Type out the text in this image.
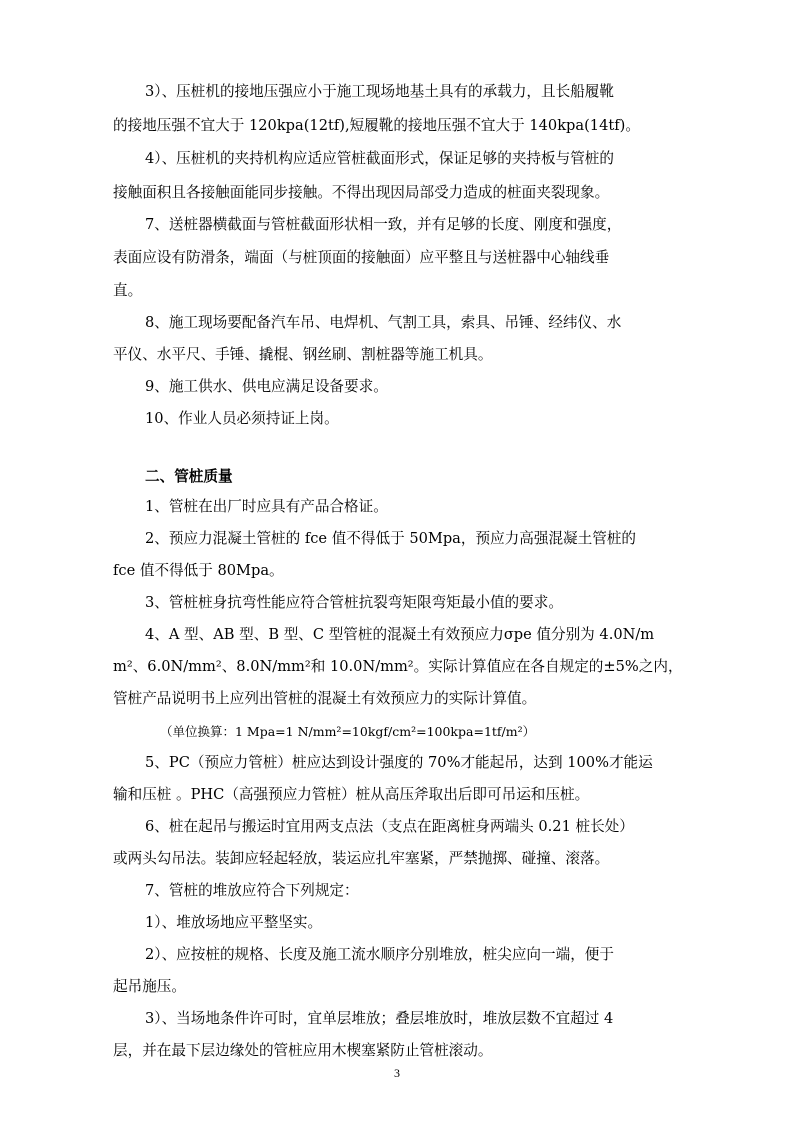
3）、压桩机的接地压强应小于施工现场地基土具有的承载力，且长船履靴
的接地压强不宜大于 120kpa(12tf),短履靴的接地压强不宜大于 140kpa(14tf)。
4）、压桩机的夹持机构应适应管桩截面形式，保证足够的夹持板与管桩的
接触面积且各接触面能同步接触。不得出现因局部受力造成的桩面夹裂现象。
7、送桩器横截面与管桩截面形状相一致，并有足够的长度、刚度和强度，
表面应设有防滑条，端面（与桩顶面的接触面）应平整且与送桩器中心轴线垂
直。
8、施工现场要配备汽车吊、电焊机、气割工具，索具、吊锤、经纬仪、水
平仪、水平尺、手锤、撬棍、钢丝刷、割桩器等施工机具。
9、施工供水、供电应满足设备要求。
10、作业人员必须持证上岗。
二、管桩质量
1、管桩在出厂时应具有产品合格证。
2、预应力混凝土管桩的 fce 值不得低于 50Mpa，预应力高强混凝土管桩的
fce 值不得低于 80Mpa。
3、管桩桩身抗弯性能应符合管桩抗裂弯矩限弯矩最小值的要求。
4、A 型、AB 型、B 型、C 型管桩的混凝土有效预应力σpe 值分别为 4.0N/m
m²、6.0N/mm²、8.0N/mm²和 10.0N/mm²。实际计算值应在各自规定的±5%之内，
管桩产品说明书上应列出管桩的混凝土有效预应力的实际计算值。
（单位换算：1 Mpa=1 N/mm²=10kgf/cm²=100kpa=1tf/m²）
5、PC（预应力管桩）桩应达到设计强度的 70%才能起吊，达到 100%才能运
输和压桩 。PHC（高强预应力管桩）桩从高压斧取出后即可吊运和压桩。
6、桩在起吊与搬运时宜用两支点法（支点在距离桩身两端头 0.21 桩长处）
或两头勾吊法。装卸应轻起轻放，装运应扎牢塞紧，严禁抛掷、碰撞、滚落。
7、管桩的堆放应符合下列规定：
1）、堆放场地应平整坚实。
2）、应按桩的规格、长度及施工流水顺序分别堆放，桩尖应向一端，便于
起吊施压。
3）、当场地条件许可时，宜单层堆放；叠层堆放时，堆放层数不宜超过 4
层，并在最下层边缘处的管桩应用木楔塞紧防止管桩滚动。
3
